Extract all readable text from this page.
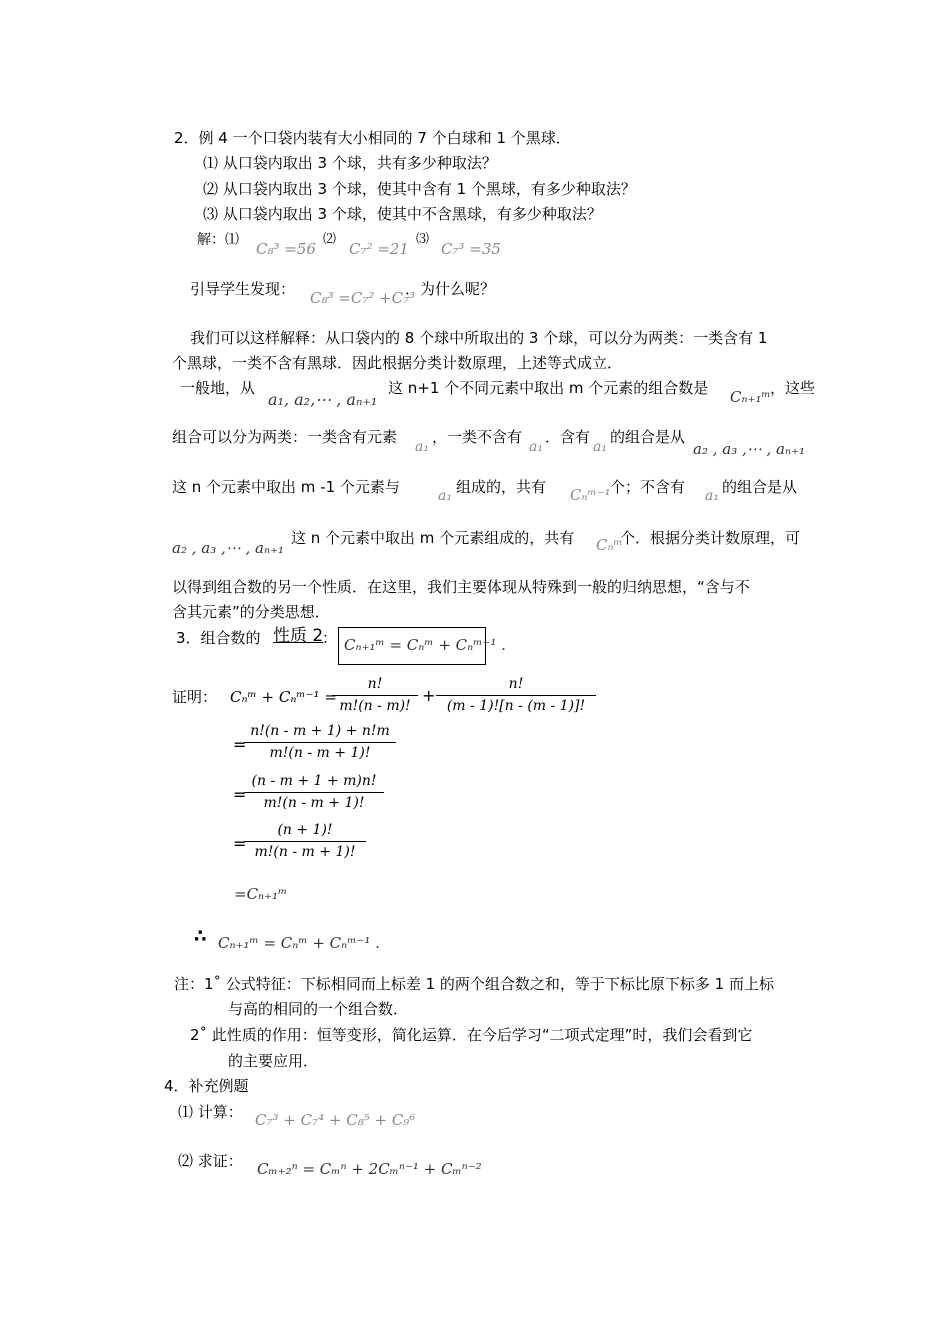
2．例 4 一个口袋内装有大小相同的 7 个白球和 1 个黑球．
⑴ 从口袋内取出 3 个球，共有多少种取法？
⑵ 从口袋内取出 3 个球，使其中含有 1 个黑球，有多少种取法？
⑶ 从口袋内取出 3 个球，使其中不含黑球，有多少种取法？
解：⑴ C₈³ =56
⑵
C₇² =21
⑶
C₇³ =35
引导学生发现： C₈³ =C₇² +C₇³
．为什么呢？
我们可以这样解释：从口袋内的 8 个球中所取出的 3 个球，可以分为两类：一类含有 1
个黑球，一类不含有黑球．因此根据分类计数原理，上述等式成立．
一般地，从
a₁, a₂,⋯ , aₙ₊₁
这 n+1 个不同元素中取出 m 个元素的组合数是 Cₙ₊₁ᵐ ，这些
组合可以分为两类：一类含有元素
a₁
，一类不含有
a₁
．含有
a₁
的组合是从
a₂ , a₃ ,⋯ , aₙ₊₁
这 n 个元素中取出 m -1 个元素与	a₁ 组成的，共有 Cₙᵐ⁻¹ 个；不含有 a₁ 的组合是从
a₂ , a₃ ,⋯ , aₙ₊₁
这 n 个元素中取出 m 个元素组成的，共有 Cₙᵐ
个．根据分类计数原理，可
以得到组合数的另一个性质．在这里，我们主要体现从特殊到一般的归纳思想，“含与不
含其元素”的分类思想．
3．组合数的 性质 2
： Cₙ₊₁ᵐ = Cₙᵐ + Cₙᵐ⁻¹ .
证明： Cₙᵐ + Cₙᵐ⁻¹ =
$\frac{n!}{m!(n - m)!} + \frac{n!}{(m - 1)![n - (m - 1)]!}$
=
$\frac{n!(n - m + 1) + n!m}{m!(n - m + 1)!}$
=
$\frac{(n - m + 1 + m)n!}{m!(n - m + 1)!}$
=
$\frac{(n + 1)!}{m!(n - m + 1)!}$
=Cₙ₊₁ᵐ
∴ Cₙ₊₁ᵐ = Cₙᵐ + Cₙᵐ⁻¹ .
注：1˚ 公式特征：下标相同而上标差 1 的两个组合数之和，等于下标比原下标多 1 而上标
与高的相同的一个组合数．
2˚ 此性质的作用：恒等变形，简化运算．在今后学习“二项式定理”时，我们会看到它
的主要应用．
4．补充例题
⑴ 计算： C₇³ + C₇⁴ + C₈⁵ + C₉⁶
⑵ 求证： Cₘ₊₂ⁿ = Cₘⁿ + 2Cₘⁿ⁻¹ + Cₘⁿ⁻²
